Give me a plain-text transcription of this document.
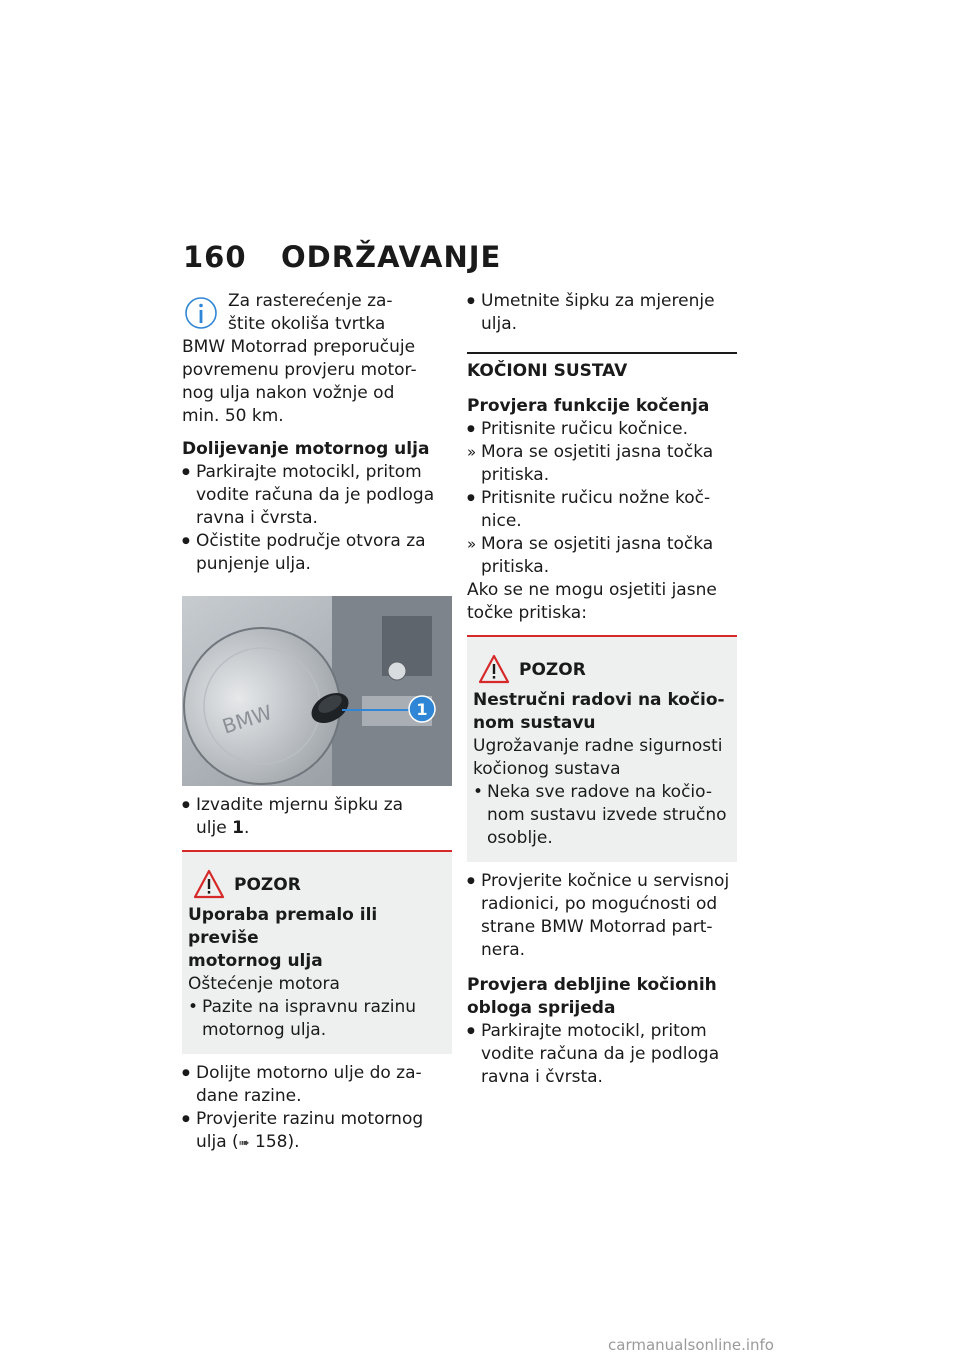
160 ODRŽAVANJE

Za rasterećenje za-

štite okoliša tvrtka

BMW Motorrad preporučuje

povremenu provjeru motor-

nog ulja nakon vožnje od

min. 50 km.

Dolijevanje motornog ulja

● Parkirajte motocikl, pritom

vodite računa da je podloga

ravna i čvrsta.

● Očistite područje otvora za

punjenje ulja.

BMW	1

● Izvadite mjernu šipku za

ulje 1.

POZOR

Uporaba premalo ili previše

motornog ulja

Oštećenje motora

• Pazite na ispravnu razinu

motornog ulja.

● Dolijte motorno ulje do za-

dane razine.

● Provjerite razinu motornog

ulja (➠ 158).

● Umetnite šipku za mjerenje

ulja.

KOČIONI SUSTAV

Provjera funkcije kočenja

● Pritisnite ručicu kočnice.

» Mora se osjetiti jasna točka

pritiska.

● Pritisnite ručicu nožne koč-

nice.

» Mora se osjetiti jasna točka

pritiska.

Ako se ne mogu osjetiti jasne

točke pritiska:

POZOR

Nestručni radovi na kočio-

nom sustavu

Ugrožavanje radne sigurnosti

kočionog sustava

• Neka sve radove na kočio-

nom sustavu izvede stručno

osoblje.

● Provjerite kočnice u servisnoj

radionici, po mogućnosti od

strane BMW Motorrad part-

nera.

Provjera debljine kočionih

obloga sprijeda

● Parkirajte motocikl, pritom

vodite računa da je podloga

ravna i čvrsta.

carmanualsonline.info
